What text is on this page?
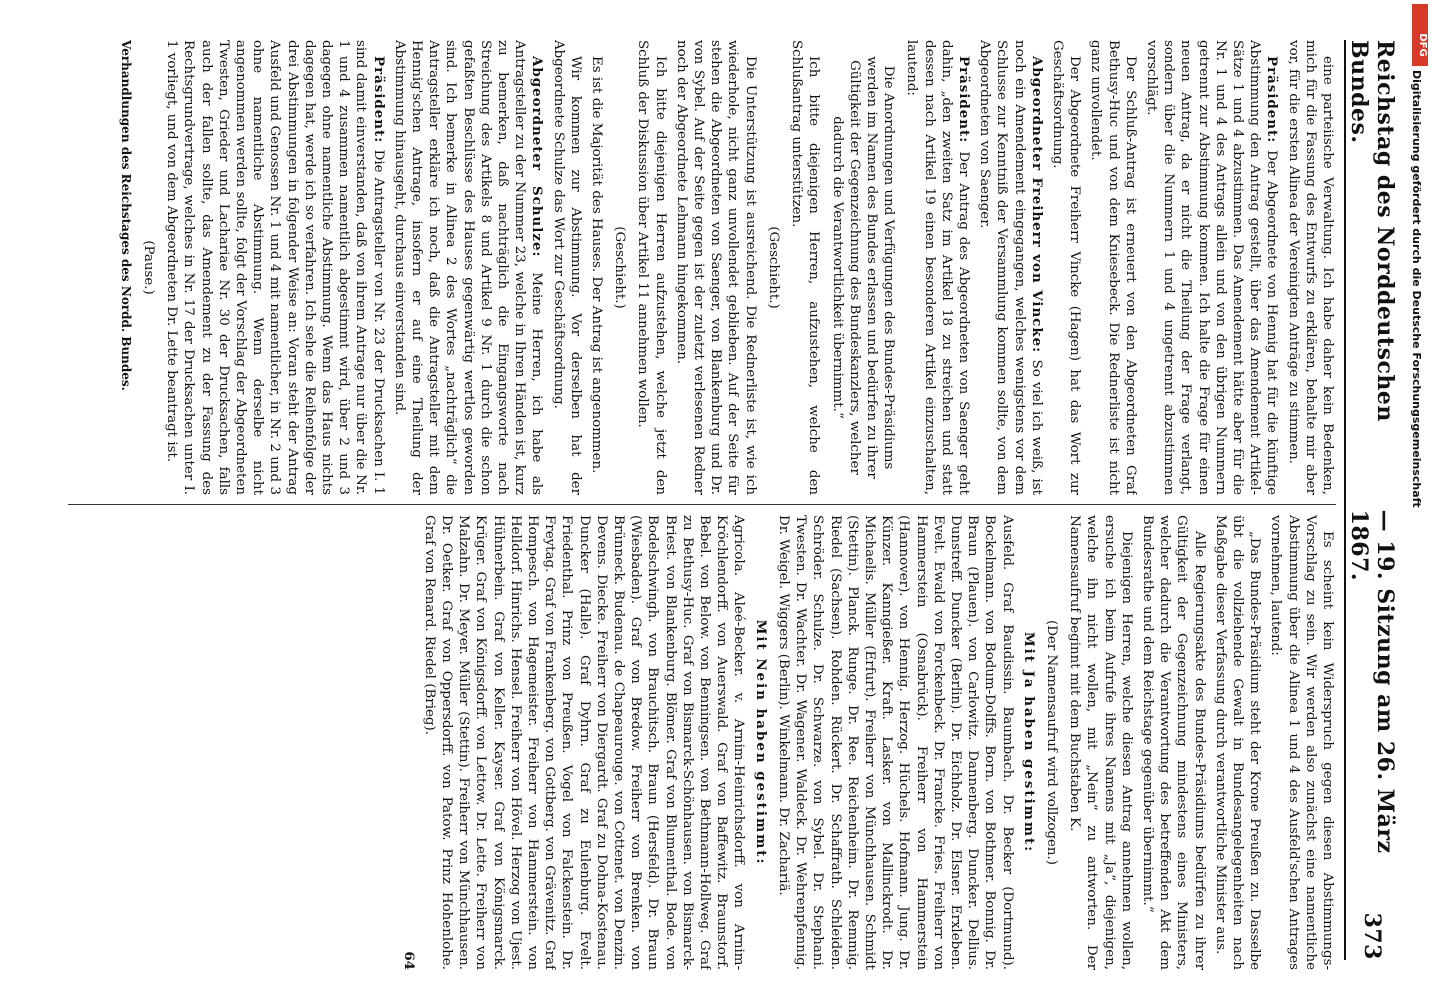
Reichstag des Norddeutschen Bundes.
— 19. Sitzung am 26. März 1867.
373

eine parteiische Verwaltung. Ich habe daher kein Bedenken, mich für die Fassung des Entwurfs zu erklären, behalte mir aber vor, für die ersten Alinea der Vereinigten Anträge zu stimmen.

Präsident: Der Abgeordnete von Hennig hat für die künftige Abstimmung den Antrag gestellt, über das Amendement Artikel-Sätze 1 und 4 abzustimmen. Das Amendement hätte aber für die Nr. 1 und 4 des Antrags allein und von den übrigen Nummern getrennt zur Abstimmung kommen. Ich halte die Frage für einen neuen Antrag, da er nicht die Theilung der Frage verlangt, sondern über die Nummern 1 und 4 ungetrennt abzustimmen vorschlägt.

Der Schluß-Antrag ist erneuert von den Abgeordneten Graf Bethusy-Huc und von dem Kniesebeck. Die Rednerliste ist nicht ganz unvollendet.

Der Abgeordnete Freiherr Vincke (Hagen) hat das Wort zur Geschäftsordnung.

Abgeordneter Freiherr von Vincke: So viel ich weiß, ist noch ein Amendement eingegangen, welches wenigstens vor dem Schlusse zur Kenntniß der Versammlung kommen sollte, von dem Abgeordneten von Saenger.

Präsident: Der Antrag des Abgeordneten von Saenger geht dahin, „den zweiten Satz im Artikel 18 zu streichen und statt dessen nach Artikel 19 einen besonderen Artikel einzuschalten, lautend:

Die Anordnungen und Verfügungen des Bundes-Präsidiums werden im Namen des Bundes erlassen und bedürfen zu ihrer Gültigkeit der Gegenzeichnung des Bundeskanzlers, welcher dadurch die Verantwortlichkeit übernimmt.“

Ich bitte diejenigen Herren, aufzustehen, welche den Schlußantrag unterstützen.

(Geschieht.)

Die Unterstützung ist ausreichend. Die Rednerliste ist, wie ich wiederhole, nicht ganz unvollendet geblieben. Auf der Seite für stehen die Abgeordneten von Saenger, von Blankenburg und Dr. von Sybel. Auf der Seite gegen ist der zuletzt verlesenen Redner noch der Abgeordnete Lehmann hingekommen.

Ich bitte diejenigen Herren aufzustehen, welche jetzt den Schluß der Diskussion über Artikel 11 annehmen wollen.

(Geschieht.)

Es ist die Majorität des Hauses. Der Antrag ist angenommen.

Wir kommen zur Abstimmung. Vor derselben hat der Abgeordnete Schulze das Wort zur Geschäftsordnung.

Abgeordneter Schulze: Meine Herren, ich habe als Antragsteller zu der Nummer 23, welche in Ihren Händen ist, kurz zu bemerken, daß nachträglich die Eingangsworte nach Streichung des Artikels 8 und Artikel 9 Nr. 1 durch die schon gefaßten Beschlüsse des Hauses gegenwärtig wertlos geworden sind. Ich bemerke in Alinea 2 des Wortes „nachträglich“ die Antragsteller erkläre ich noch, daß die Antragsteller mit dem Hennig'schen Antrage, insofern er auf eine Theilung der Abstimmung hinausgeht, durchaus einverstanden sind.

Präsident: Die Antragsteller von Nr. 23 der Drucksachen I. 1 sind damit einverstanden, daß von ihrem Antrage nur über die Nr. 1 und 4 zusammen namentlich abgestimmt wird, über 2 und 3 dagegen ohne namentliche Abstimmung. Wenn das Haus nichts dagegen hat, werde ich so verfahren. Ich sehe die Reihenfolge der drei Abstimmungen in folgender Weise an: Voran steht der Antrag Ausfeld und Genossen Nr. 1 und 4 mit namentlicher, in Nr. 2 und 3 ohne namentliche Abstimmung. Wenn derselbe nicht angenommen werden sollte, folgt der Vorschlag der Abgeordneten Twesten, Grieder und Lachariae Nr. 30 der Drucksachen, falls auch der fallen sollte, das Amendement zu der Fassung des Rechtsgrundvertrage, welches in Nr. 17 der Drucksachen unter I. 1 vorliegt, und von dem Abgeordneten Dr. Lette beantragt ist.

(Pause.)

Verhandlungen des Reichstages des Nordd. Bundes.

Es scheint kein Widerspruch gegen diesen Abstimmungs-Vorschlag zu sein. Wir werden also zunächst eine namentliche Abstimmung über die Alinea 1 und 4 des Ausfeld'schen Antrages vornehmen, lautend:

„Das Bundes-Präsidium steht der Krone Preußen zu. Dasselbe übt die vollziehende Gewalt in Bundesangelegenheiten nach Maßgabe dieser Verfassung durch verantwortliche Minister aus.

Alle Regierungsakte des Bundes-Präsidiums bedürfen zu ihrer Gültigkeit der Gegenzeichnung mindestens eines Ministers, welcher dadurch die Verantwortung des betreffenden Akt dem Bundesrathe und dem Reichstage gegenüber übernimmt.“

Diejenigen Herren, welche diesen Antrag annehmen wollen, ersuche ich beim Aufrufe ihres Namens mit „Ja“, diejenigen, welche ihn nicht wollen, mit „Nein“ zu antworten. Der Namensaufruf beginnt mit dem Buchstaben K.

(Der Namensaufruf wird vollzogen.)

Mit Ja haben gestimmt:

Ausfeld. Graf Baudissin. Baumbach. Dr. Becker (Dortmund). Bockelmann. von Bodum-Dolffs. Born. von Bothmer. Bonnig. Dr. Braun (Plauen). von Carlowitz. Dannenberg. Duncker. Dellius. Dunstreff. Duncker (Berlin). Dr. Eichholz. Dr. Elsner. Erxleben. Evelt. Ewald von Forckenbeck. Dr. Francke. Fries. Freiherr von Hammerstein (Osnabrück). Freiherr von Hammerstein (Hannover). von Hennig. Herzog. Hüchels. Hofmann. Jung. Dr. Künzer. Kanngießer. Kraft. Lasker. von Mallinckrodt. Dr. Michaelis. Müller (Erfurt). Freiherr von Münchhausen. Schmidt (Stettin). Planck. Runge. Dr. Ree. Reichenheim. Dr. Remmig. Riedel (Sachsen). Rohden. Rückert. Dr. Schaffrath. Schleiden. Schröder. Schulze. Dr. Schwarze. von Sybel. Dr. Stephani. Twesten. Dr. Wachter. Dr. Wagener. Waldeck. Dr. Wehrenpfennig. Dr. Weigel. Wiggers (Berlin). Winkelmann. Dr. Zachariä.

Mit Nein haben gestimmt:

Agricola. Aleé-Becker. v. Arnim-Heinrichsdorff. von Arnim-Kröchlendorff. von Auerswald. Graf von Baffewitz. Braunstorf. Bebel. von Below. von Benningsen. von Bethmann-Hollweg. Graf zu Bethusy-Huc. Graf von Bismarck-Schönhausen. von Bismarck-Briest. von Blankenburg. Blömer. Graf von Blumenthal. Bode. von Bodelschwingh. von Brauchitsch. Braun (Hersfeld). Dr. Braun (Wiesbaden). Graf von Bredow. Freiherr von Brenken. von Brünneck. Budenau. de Chapeaurouge. von Cottenet. von Denzin. Devens. Diecke. Freiherr von Diergardt. Graf zu Dohna-Kostenau. Duncker (Halle). Graf Dyhrn. Graf zu Eulenburg. Evelt. Friedenthal. Prinz von Preußen. Vogel von Falckenstein. Dr. Freytag. Graf von Frankenberg. von Gottberg. von Grävenitz. Graf Hompesch. von Hagemeister. Freiherr von Hammerstein. von Helldorf. Hinrichs. Hensel. Freiherr von Hövel. Herzog von Ujest. Hühnerbein. Graf von Keller. Kayser. Graf von Königsmarck. Krüger. Graf von Königsdorff. von Lettow. Dr. Lette. Freiherr von Malzahn. Dr. Meyer. Müller (Stettin). Freiherr von Münchhausen. Dr. Oetker. Graf von Oppersdorff. von Patow. Prinz Hohenlohe. Graf von Renard. Riedel (Brieg).

64

DFG
Digitalisierung gefördert durch die Deutsche Forschungsgemeinschaft
